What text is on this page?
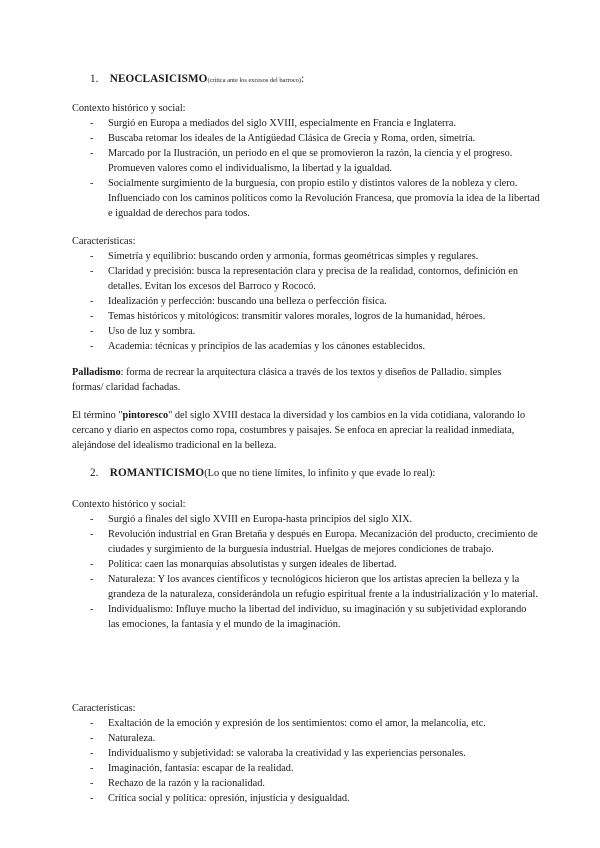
1. NEOCLASICISMO(crítica ante los excesos del barroco):
Contexto histórico y social:
- Surgió en Europa a mediados del siglo XVIII, especialmente en Francia e Inglaterra.
- Buscaba retomar los ideales de la Antigüedad Clásica de Grecia y Roma, orden, simetría.
- Marcado por la Ilustración, un periodo en el que se promovieron la razón, la ciencia y el progreso. Promueven valores como el individualismo, la libertad y la igualdad.
- Socialmente surgimiento de la burguesía, con propio estilo y distintos valores de la nobleza y clero. Influenciado con los caminos políticos como la Revolución Francesa, que promovía la idea de la libertad e igualdad de derechos para todos.
Características:
- Simetría y equilibrio: buscando orden y armonía, formas geométricas simples y regulares.
- Claridad y precisión: busca la representación clara y precisa de la realidad, contornos, definición en detalles. Evitan los excesos del Barroco y Rococó.
- Idealización y perfección: buscando una belleza o perfección física.
- Temas históricos y mitológicos: transmitir valores morales, logros de la humanidad, héroes.
- Uso de luz y sombra.
- Academia: técnicas y principios de las academias y los cánones establecidos.

Palladismo: forma de recrear la arquitectura clásica a través de los textos y diseños de Palladio. simples formas/ claridad fachadas.

El término "pintoresco" del siglo XVIII destaca la diversidad y los cambios en la vida cotidiana, valorando lo cercano y diario en aspectos como ropa, costumbres y paisajes. Se enfoca en apreciar la realidad inmediata, alejándose del idealismo tradicional en la belleza.

2. ROMANTICISMO(Lo que no tiene límites, lo infinito y que evade lo real):
Contexto histórico y social:
- Surgió a finales del siglo XVIII en Europa-hasta principios del siglo XIX.
- Revolución industrial en Gran Bretaña y después en Europa. Mecanización del producto, crecimiento de ciudades y surgimiento de la burguesía industrial. Huelgas de mejores condiciones de trabajo.
- Política: caen las monarquías absolutistas y surgen ideales de libertad.
- Naturaleza: Y los avances científicos y tecnológicos hicieron que los artistas aprecien la belleza y la grandeza de la naturaleza, considerándola un refugio espiritual frente a la industrialización y lo material.
- Individualismo: Influye mucho la libertad del individuo, su imaginación y su subjetividad explorando las emociones, la fantasía y el mundo de la imaginación.
Características:
- Exaltación de la emoción y expresión de los sentimientos: como el amor, la melancolía, etc.
- Naturaleza.
- Individualismo y subjetividad: se valoraba la creatividad y las experiencias personales.
- Imaginación, fantasía: escapar de la realidad.
- Rechazo de la razón y la racionalidad.
- Crítica social y política: opresión, injusticia y desigualdad.
